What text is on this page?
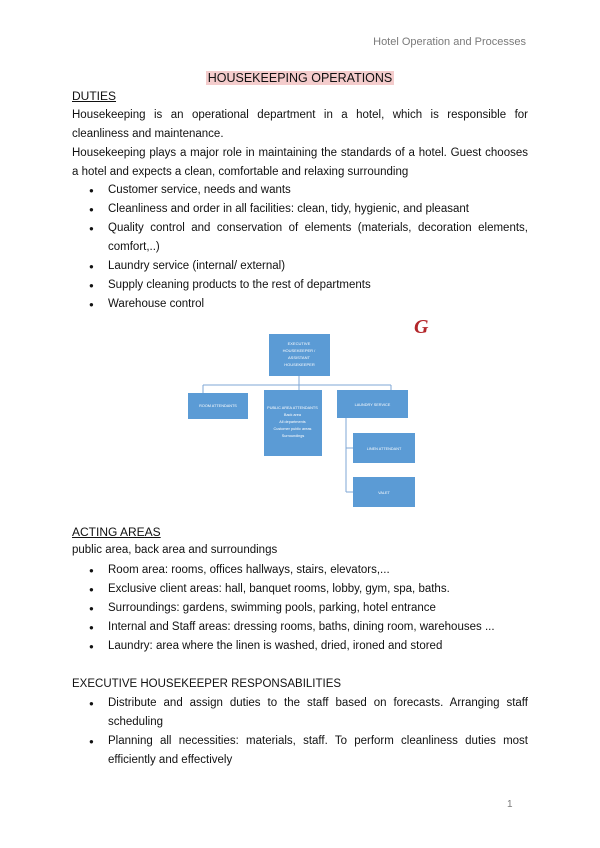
Hotel Operation and Processes
HOUSEKEEPING OPERATIONS
DUTIES
Housekeeping is an operational department in a hotel, which is responsible for cleanliness and maintenance.
Housekeeping plays a major role in maintaining the standards of a hotel. Guest chooses a hotel and expects a clean, comfortable and relaxing surrounding
● Customer service, needs and wants
● Cleanliness and order in all facilities: clean, tidy, hygienic, and pleasant
● Quality control and conservation of elements (materials, decoration elements, comfort,..)
● Laundry service (internal/ external)
● Supply cleaning products to the rest of departments
● Warehouse control
EXECUTIVE HOUSEKEEPER / ASSISTANT HOUSEKEEPER
ROOM ATTENDANTS	PUBLIC AREA ATTENDANTS Back area All departments Customer public areas Surroundings
LAUNDRY SERVICE
LINEN ATTENDANT
VALET
G
ACTING AREAS
public area, back area and surroundings
● Room area: rooms, offices hallways, stairs, elevators,...
● Exclusive client areas: hall, banquet rooms, lobby, gym, spa, baths.
● Surroundings: gardens, swimming pools, parking, hotel entrance
● Internal and Staff areas: dressing rooms, baths, dining room, warehouses ...
● Laundry: area where the linen is washed, dried, ironed and stored
EXECUTIVE HOUSEKEEPER RESPONSABILITIES
● Distribute and assign duties to the staff based on forecasts. Arranging staff scheduling
● Planning all necessities: materials, staff. To perform cleanliness duties most efficiently and effectively
1
